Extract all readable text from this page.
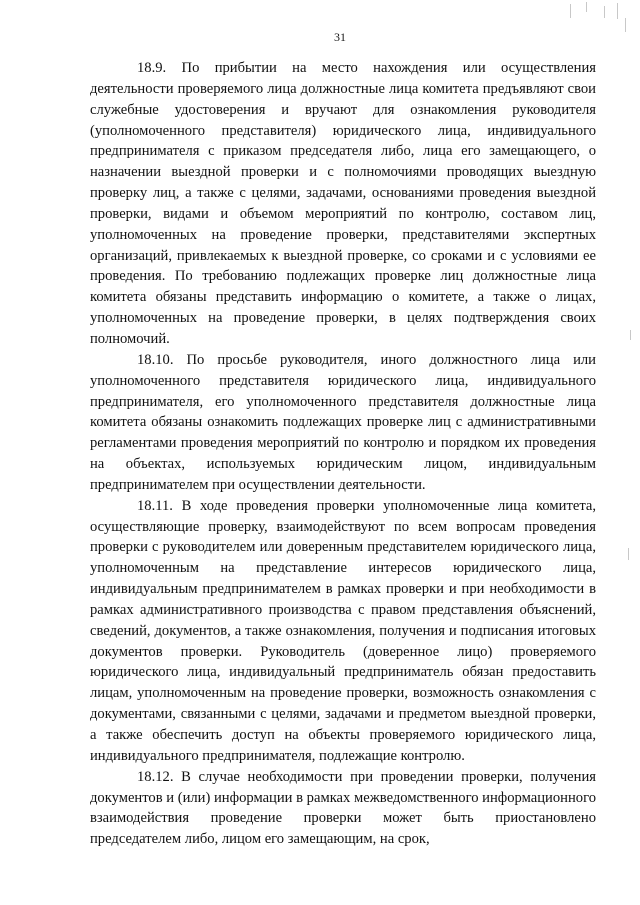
31

18.9. По прибытии на место нахождения или осуществления деятельности проверяемого лица должностные лица комитета предъявляют свои служебные удостоверения и вручают для ознакомления руководителя (уполномоченного представителя) юридического лица, индивидуального предпринимателя с приказом председателя либо, лица его замещающего, о назначении выездной проверки и с полномочиями проводящих выездную проверку лиц, а также с целями, задачами, основаниями проведения выездной проверки, видами и объемом мероприятий по контролю, составом лиц, уполномоченных на проведение проверки, представителями экспертных организаций, привлекаемых к выездной проверке, со сроками и с условиями ее проведения. По требованию подлежащих проверке лиц должностные лица комитета обязаны представить информацию о комитете, а также о лицах, уполномоченных на проведение проверки, в целях подтверждения своих полномочий.

18.10. По просьбе руководителя, иного должностного лица или уполномоченного представителя юридического лица, индивидуального предпринимателя, его уполномоченного представителя должностные лица комитета обязаны ознакомить подлежащих проверке лиц с административными регламентами проведения мероприятий по контролю и порядком их проведения на объектах, используемых юридическим лицом, индивидуальным предпринимателем при осуществлении деятельности.

18.11. В ходе проведения проверки уполномоченные лица комитета, осуществляющие проверку, взаимодействуют по всем вопросам проведения проверки с руководителем или доверенным представителем юридического лица, уполномоченным на представление интересов юридического лица, индивидуальным предпринимателем в рамках проверки и при необходимости в рамках административного производства с правом представления объяснений, сведений, документов, а также ознакомления, получения и подписания итоговых документов проверки. Руководитель (доверенное лицо) проверяемого юридического лица, индивидуальный предприниматель обязан предоставить лицам, уполномоченным на проведение проверки, возможность ознакомления с документами, связанными с целями, задачами и предметом выездной проверки, а также обеспечить доступ на объекты проверяемого юридического лица, индивидуального предпринимателя, подлежащие контролю.

18.12. В случае необходимости при проведении проверки, получения документов и (или) информации в рамках межведомственного информационного взаимодействия проведение проверки может быть приостановлено председателем либо, лицом его замещающим, на срок,
